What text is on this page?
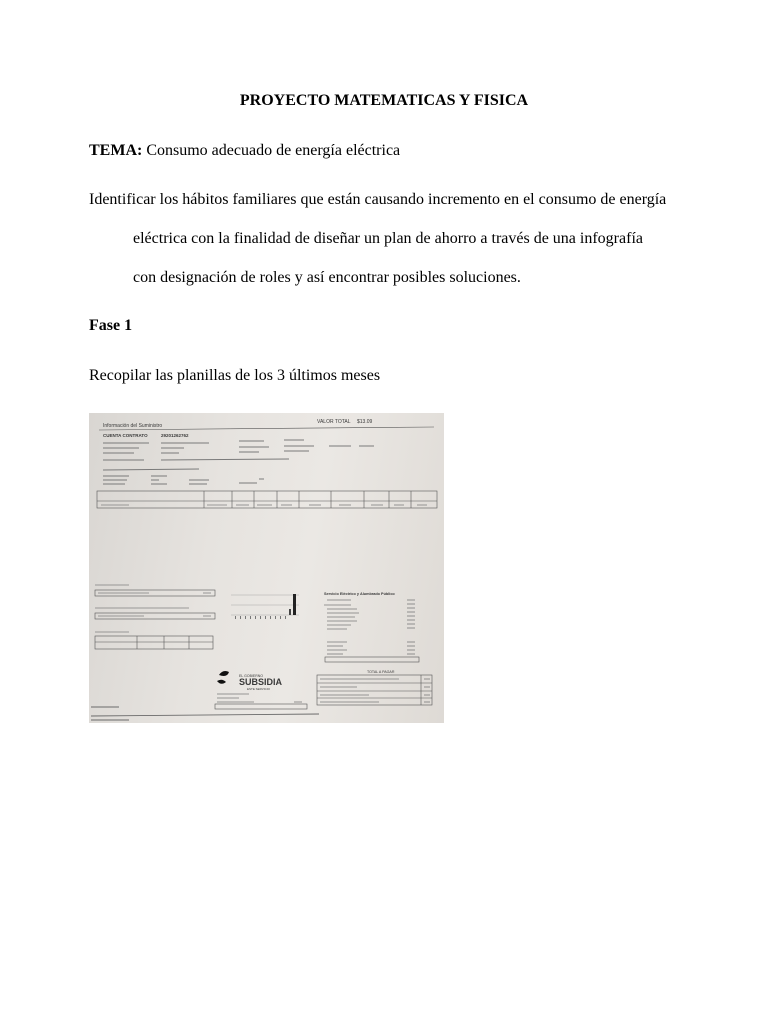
PROYECTO MATEMATICAS Y FISICA
TEMA: Consumo adecuado de energía eléctrica
Identificar los hábitos familiares que están causando incremento en el consumo de energía
eléctrica con la finalidad de diseñar un plan de ahorro a través de una infografía
con designación de roles y así encontrar posibles soluciones.
Fase 1
Recopilar las planillas de los 3 últimos meses
Información del Suministro
VALOR TOTAL $13.09
CUENTA CONTRATO	29201262762
Servicio Eléctrico y Alumbrado Público
TOTAL A PAGAR
EL GOBIERNO
SUBSIDIA
ESTE SERVICIO
